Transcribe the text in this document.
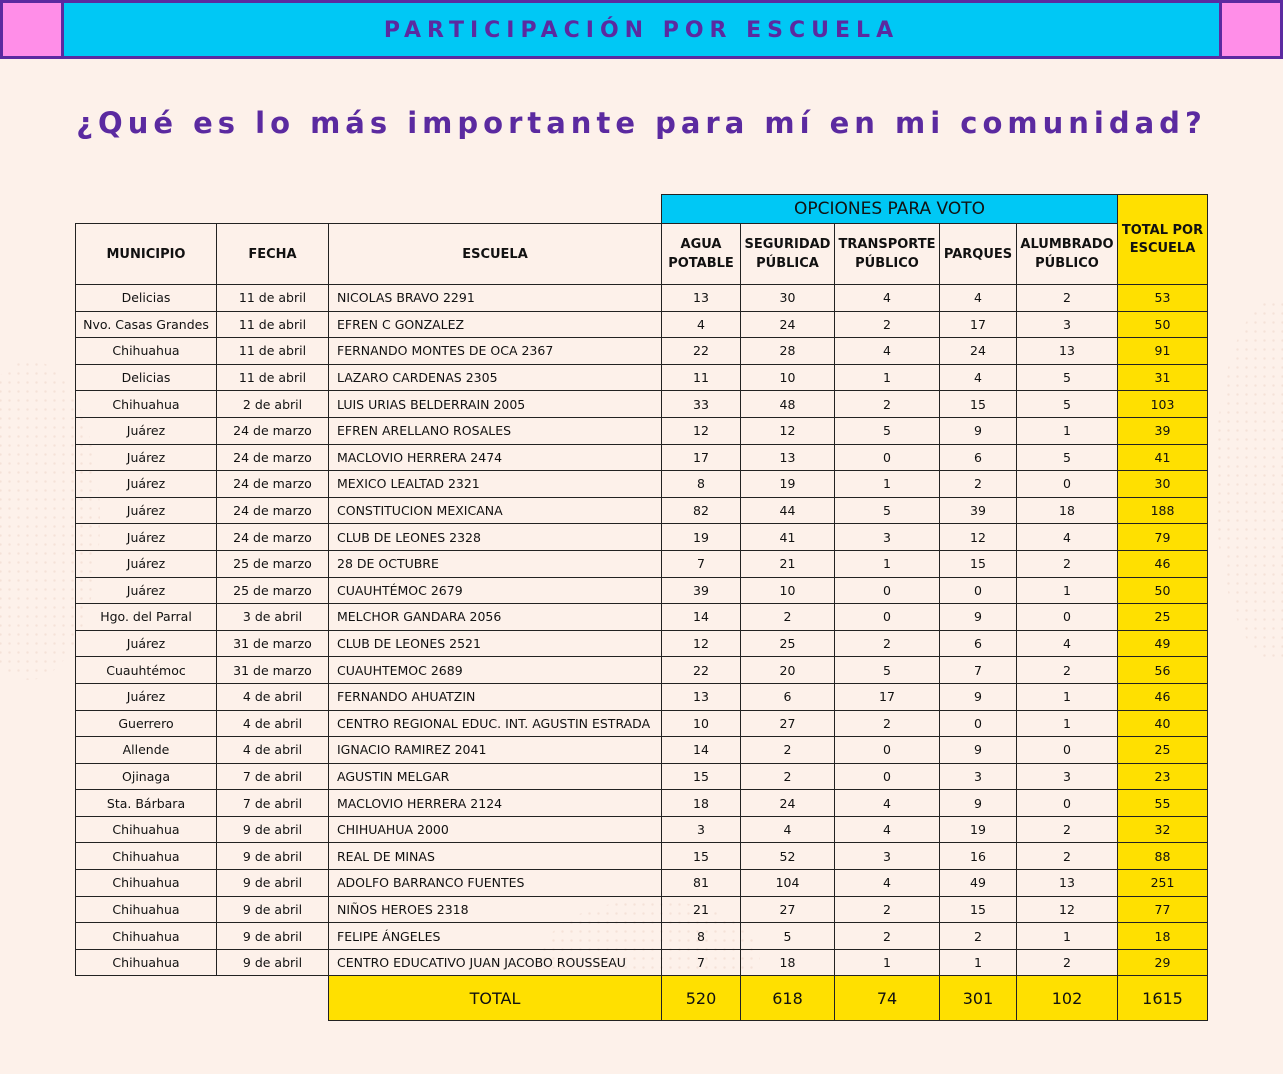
PARTICIPACIÓN POR ESCUELA
¿Qué es lo más importante para mí en mi comunidad?
			OPCIONES PARA VOTO					TOTAL POR ESCUELA
MUNICIPIO	FECHA	ESCUELA	AGUA POTABLE	SEGURIDAD PÚBLICA	TRANSPORTE PÚBLICO	PARQUES	ALUMBRADO PÚBLICO	
Delicias	11 de abril	NICOLAS BRAVO 2291	13	30	4	4	2	53
Nvo. Casas Grandes	11 de abril	EFREN C GONZALEZ	4	24	2	17	3	50
Chihuahua	11 de abril	FERNANDO MONTES DE OCA 2367	22	28	4	24	13	91
Delicias	11 de abril	LAZARO CARDENAS 2305	11	10	1	4	5	31
Chihuahua	2 de abril	LUIS URIAS BELDERRAIN 2005	33	48	2	15	5	103
Juárez	24 de marzo	EFREN ARELLANO ROSALES	12	12	5	9	1	39
Juárez	24 de marzo	MACLOVIO HERRERA 2474	17	13	0	6	5	41
Juárez	24 de marzo	MEXICO LEALTAD 2321	8	19	1	2	0	30
Juárez	24 de marzo	CONSTITUCION MEXICANA	82	44	5	39	18	188
Juárez	24 de marzo	CLUB DE LEONES 2328	19	41	3	12	4	79
Juárez	25 de marzo	28 DE OCTUBRE	7	21	1	15	2	46
Juárez	25 de marzo	CUAUHTÉMOC 2679	39	10	0	0	1	50
Hgo. del Parral	3 de abril	MELCHOR GANDARA 2056	14	2	0	9	0	25
Juárez	31 de marzo	CLUB DE LEONES 2521	12	25	2	6	4	49
Cuauhtémoc	31 de marzo	CUAUHTEMOC 2689	22	20	5	7	2	56
Juárez	4 de abril	FERNANDO AHUATZIN	13	6	17	9	1	46
Guerrero	4 de abril	CENTRO REGIONAL EDUC. INT. AGUSTIN ESTRADA	10	27	2	0	1	40
Allende	4 de abril	IGNACIO RAMIREZ 2041	14	2	0	9	0	25
Ojinaga	7 de abril	AGUSTIN MELGAR	15	2	0	3	3	23
Sta. Bárbara	7 de abril	MACLOVIO HERRERA 2124	18	24	4	9	0	55
Chihuahua	9 de abril	CHIHUAHUA 2000	3	4	4	19	2	32
Chihuahua	9 de abril	REAL DE MINAS	15	52	3	16	2	88
Chihuahua	9 de abril	ADOLFO BARRANCO FUENTES	81	104	4	49	13	251
Chihuahua	9 de abril	NIÑOS HEROES 2318	21	27	2	15	12	77
Chihuahua	9 de abril	FELIPE ÁNGELES	8	5	2	2	1	18
Chihuahua	9 de abril	CENTRO EDUCATIVO JUAN JACOBO ROUSSEAU	7	18	1	1	2	29
		TOTAL	520	618	74	301	102	1615
